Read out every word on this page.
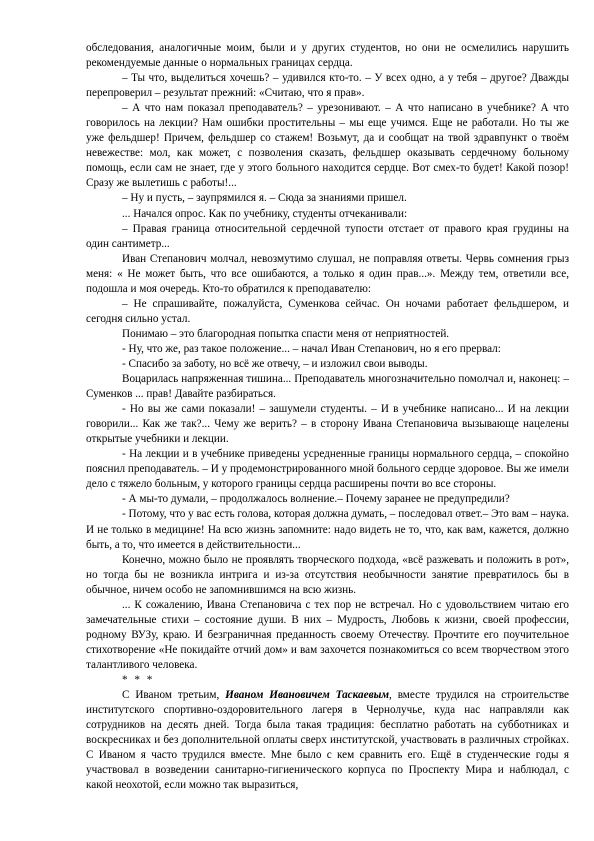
обследования, аналогичные моим, были и у других студентов, но они не осмелились нарушить рекомендуемые данные о нормальных границах сердца.

– Ты что, выделиться хочешь? – удивился кто-то. – У всех одно, а у тебя – другое? Дважды перепроверил – результат прежний: «Считаю, что я прав».

– А что нам показал преподаватель? – урезонивают. – А что написано в учебнике? А что говорилось на лекции? Нам ошибки простительны – мы еще учимся. Еще не работали. Но ты же уже фельдшер! Причем, фельдшер со стажем! Возьмут, да и сообщат на твой здравпункт о твоём невежестве: мол, как может, с позволения сказать, фельдшер оказывать сердечному больному помощь, если сам не знает, где у этого больного находится сердце. Вот смех-то будет! Какой позор! Сразу же вылетишь с работы!...

– Ну и пусть, – заупрямился я. – Сюда за знаниями пришел.

... Начался опрос. Как по учебнику, студенты отчеканивали:

– Правая граница относительной сердечной тупости отстает от правого края грудины на один сантиметр...

Иван Степанович молчал, невозмутимо слушал, не поправляя ответы. Червь сомнения грыз меня: « Не может быть, что все ошибаются, а только я один прав...». Между тем, ответили все, подошла и моя очередь. Кто-то обратился к преподавателю:

– Не спрашивайте, пожалуйста, Суменкова сейчас. Он ночами работает фельдшером, и сегодня сильно устал.

Понимаю – это благородная попытка спасти меня от неприятностей.

- Ну, что же, раз такое положение... – начал Иван Степанович, но я его прервал:

- Спасибо за заботу, но всё же отвечу, – и изложил свои выводы.

Воцарилась напряженная тишина... Преподаватель многозначительно помолчал и, наконец: – Суменков ... прав! Давайте разбираться.

- Но вы же сами показали! – зашумели студенты. – И в учебнике написано... И на лекции говорили... Как же так?... Чему же верить? – в сторону Ивана Степановича вызывающе нацелены открытые учебники и лекции.

- На лекции и в учебнике приведены усредненные границы нормального сердца, – спокойно пояснил преподаватель. – И у продемонстрированного мной больного сердце здоровое. Вы же имели дело с тяжело больным, у которого границы сердца расширены почти во все стороны.

- А мы-то думали, – продолжалось волнение.– Почему заранее не предупредили?

- Потому, что у вас есть голова, которая должна думать, – последовал ответ.– Это вам – наука. И не только в медицине! На всю жизнь запомните: надо видеть не то, что, как вам, кажется, должно быть, а то, что имеется в действительности...

Конечно, можно было не проявлять творческого подхода, «всё разжевать и положить в рот», но тогда бы не возникла интрига и из-за отсутствия необычности занятие превратилось бы в обычное, ничем особо не запомнившимся на всю жизнь.

... К сожалению, Ивана Степановича с тех пор не встречал. Но с удовольствием читаю его замечательные стихи – состояние души. В них – Мудрость, Любовь к жизни, своей профессии, родному ВУЗу, краю. И безграничная преданность своему Отечеству. Прочтите его поучительное стихотворение «Не покидайте отчий дом» и вам захочется познакомиться со всем творчеством этого талантливого человека.

* * *

С Иваном третьим, Иваном Ивановичем Таскаевым, вместе трудился на строительстве институтского спортивно-оздоровительного лагеря в Чернолучье, куда нас направляли как сотрудников на десять дней. Тогда была такая традиция: бесплатно работать на субботниках и воскресниках и без дополнительной оплаты сверх институтской, участвовать в различных стройках. С Иваном я часто трудился вместе. Мне было с кем сравнить его. Ещё в студенческие годы я участвовал в возведении санитарно-гигиенического корпуса по Проспекту Мира и наблюдал, с какой неохотой, если можно так выразиться,
